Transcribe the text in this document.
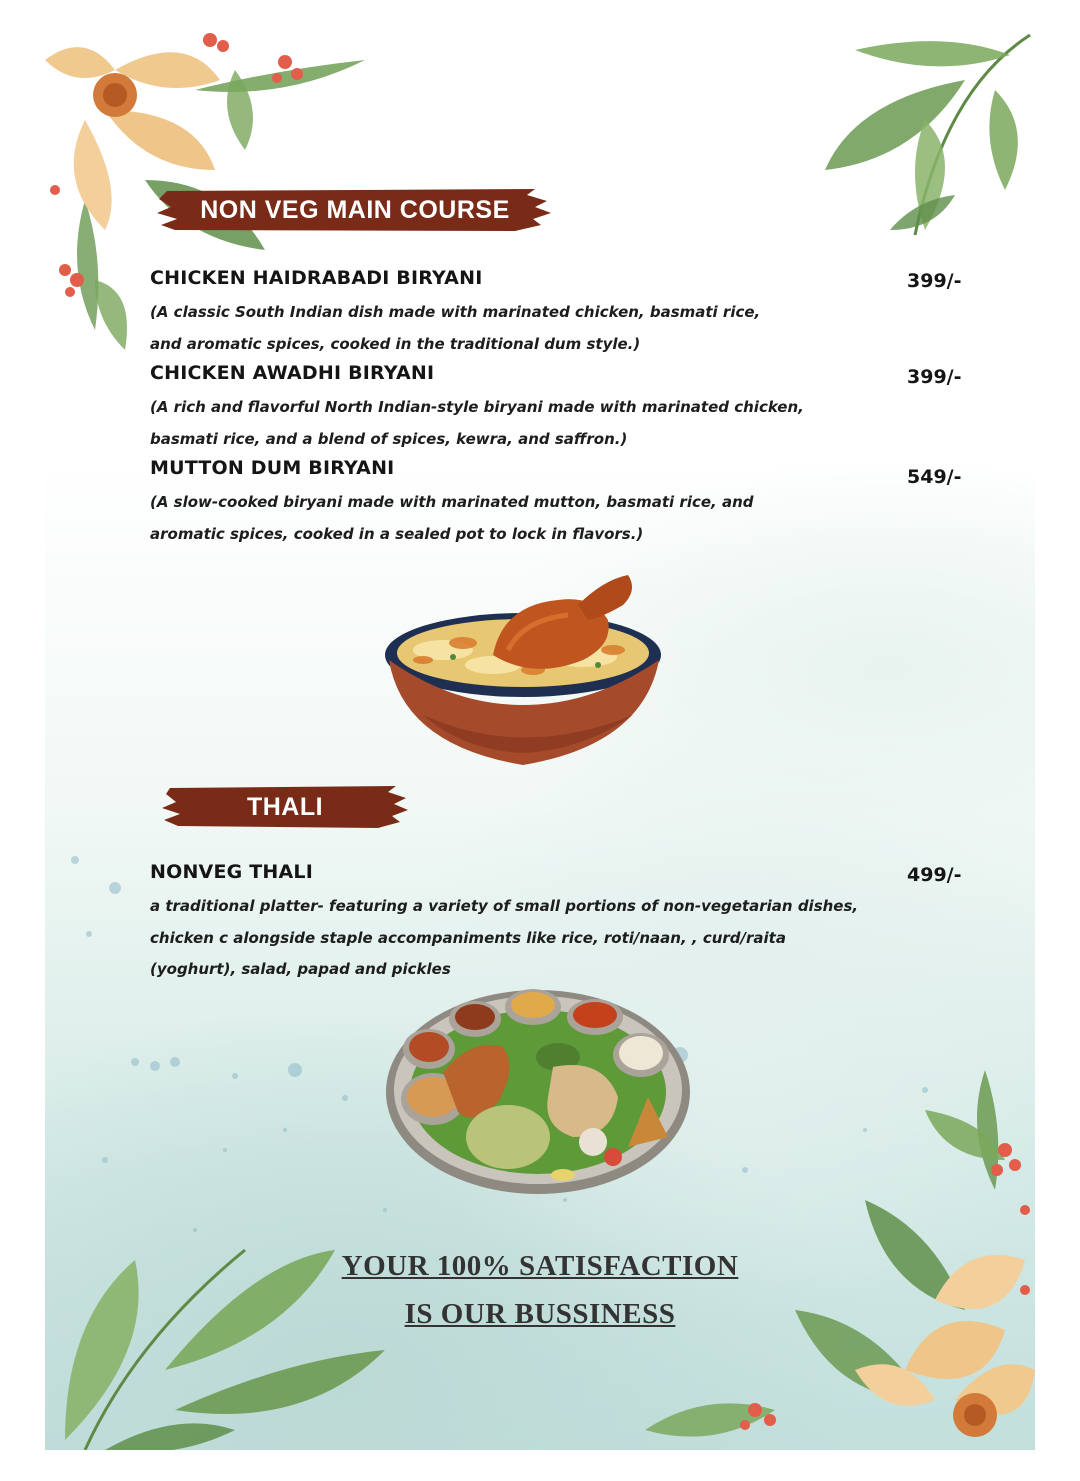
NON VEG MAIN COURSE
CHICKEN HAIDRABADI BIRYANI	399/-
(A classic South Indian dish made with marinated chicken, basmati rice,
and aromatic spices, cooked in the traditional dum style.)
CHICKEN AWADHI BIRYANI	399/-
(A rich and flavorful North Indian-style biryani made with marinated chicken,
basmati rice, and a blend of spices, kewra, and saffron.)
MUTTON DUM BIRYANI	549/-
(A slow-cooked biryani made with marinated mutton, basmati rice, and
aromatic spices, cooked in a sealed pot to lock in flavors.)
THALI
NONVEG THALI	499/-
a traditional platter- featuring a variety of small portions of non-vegetarian dishes,
chicken c alongside staple accompaniments like rice, roti/naan, , curd/raita
(yoghurt), salad, papad and pickles
YOUR 100% SATISFACTION
IS OUR BUSSINESS
